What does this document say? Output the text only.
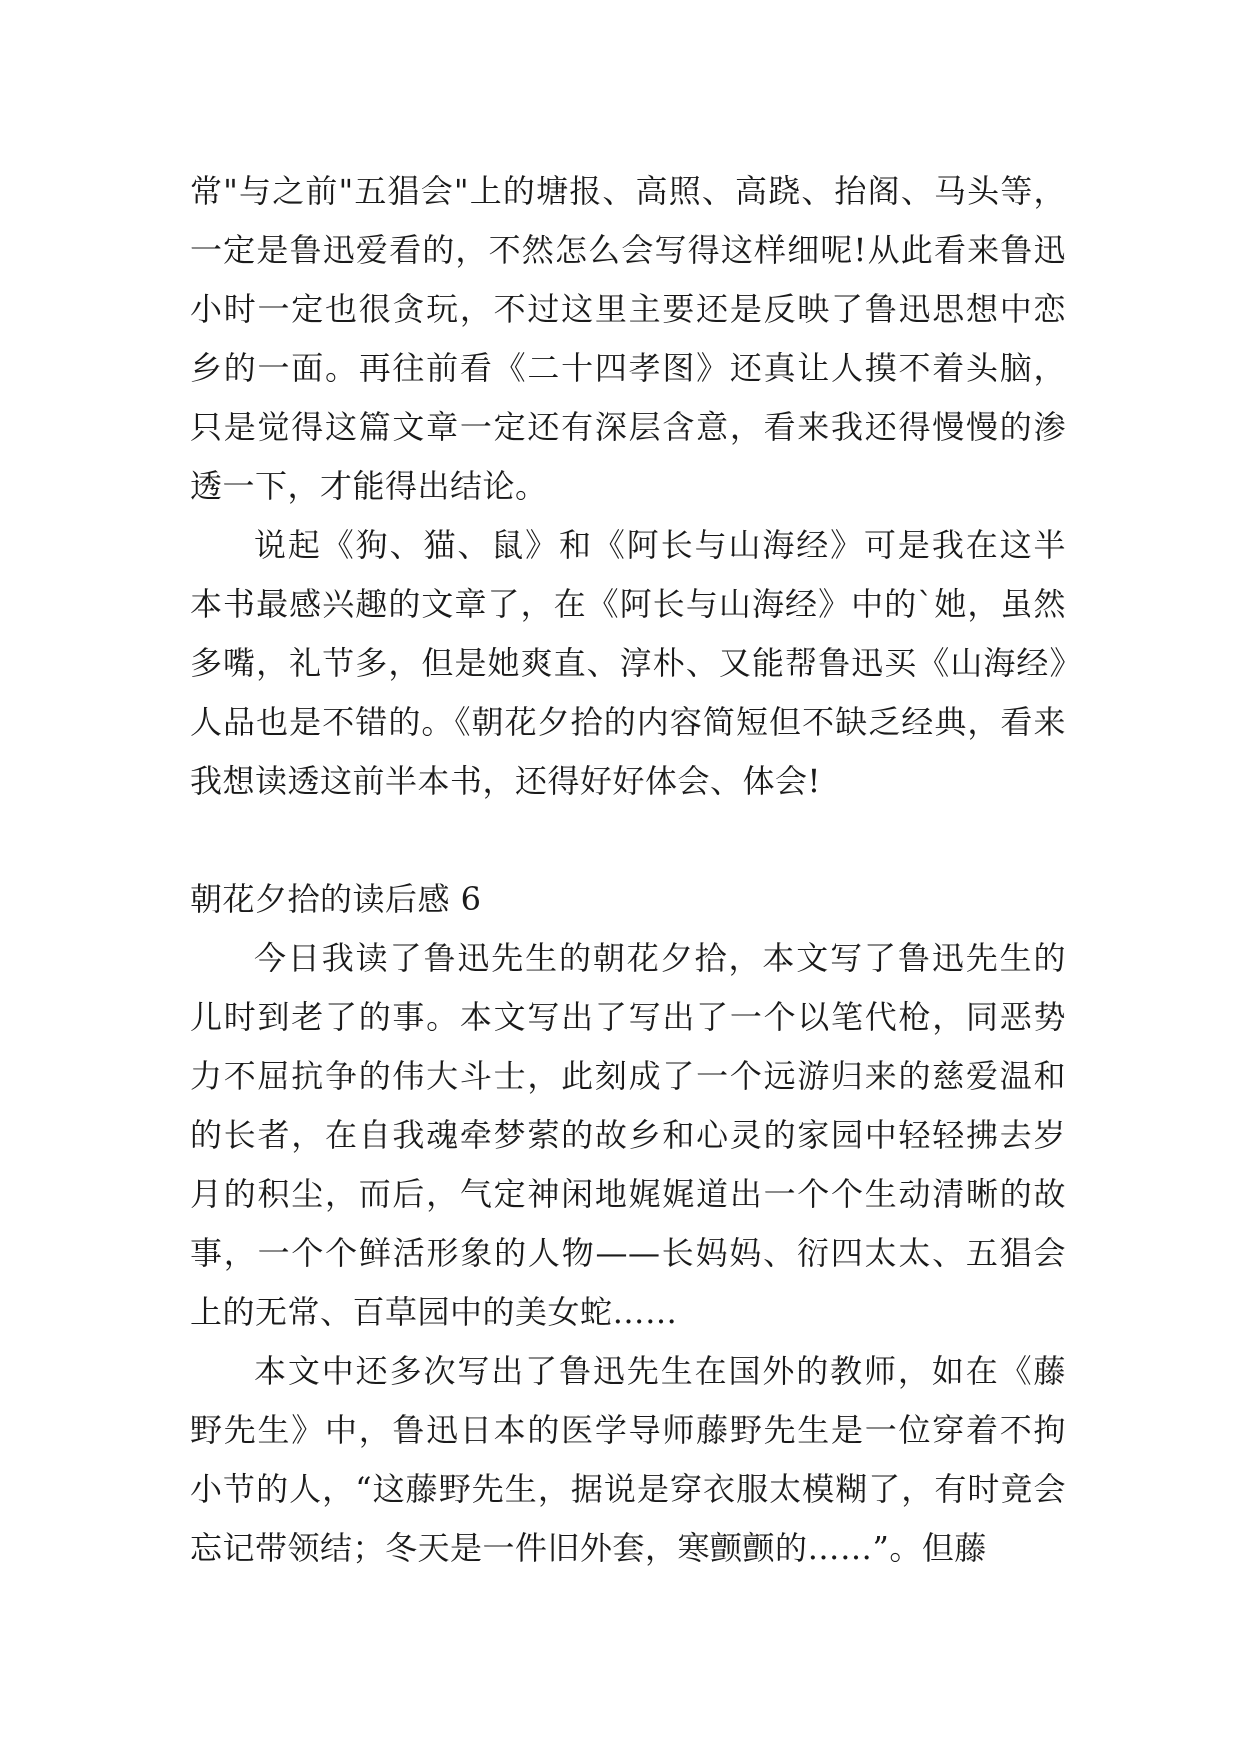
常"与之前"五猖会"上的塘报、高照、高跷、抬阁、马头等，一定是鲁迅爱看的，不然怎么会写得这样细呢!从此看来鲁迅小时一定也很贪玩，不过这里主要还是反映了鲁迅思想中恋乡的一面。再往前看《二十四孝图》还真让人摸不着头脑，只是觉得这篇文章一定还有深层含意，看来我还得慢慢的渗透一下，才能得出结论。

说起《狗、猫、鼠》和《阿长与山海经》可是我在这半本书最感兴趣的文章了，在《阿长与山海经》中的`她，虽然多嘴，礼节多，但是她爽直、淳朴、又能帮鲁迅买《山海经》人品也是不错的。《朝花夕拾的内容简短但不缺乏经典，看来我想读透这前半本书，还得好好体会、体会!

朝花夕拾的读后感 6

今日我读了鲁迅先生的朝花夕拾，本文写了鲁迅先生的儿时到老了的事。本文写出了写出了一个以笔代枪，同恶势力不屈抗争的伟大斗士，此刻成了一个远游归来的慈爱温和的长者，在自我魂牵梦萦的故乡和心灵的家园中轻轻拂去岁月的积尘，而后，气定神闲地娓娓道出一个个生动清晰的故事，一个个鲜活形象的人物——长妈妈、衍四太太、五猖会上的无常、百草园中的美女蛇……

本文中还多次写出了鲁迅先生在国外的教师，如在《藤野先生》中，鲁迅日本的医学导师藤野先生是一位穿着不拘小节的人，“这藤野先生，据说是穿衣服太模糊了，有时竟会忘记带领结；冬天是一件旧外套，寒颤颤的……”。但藤
